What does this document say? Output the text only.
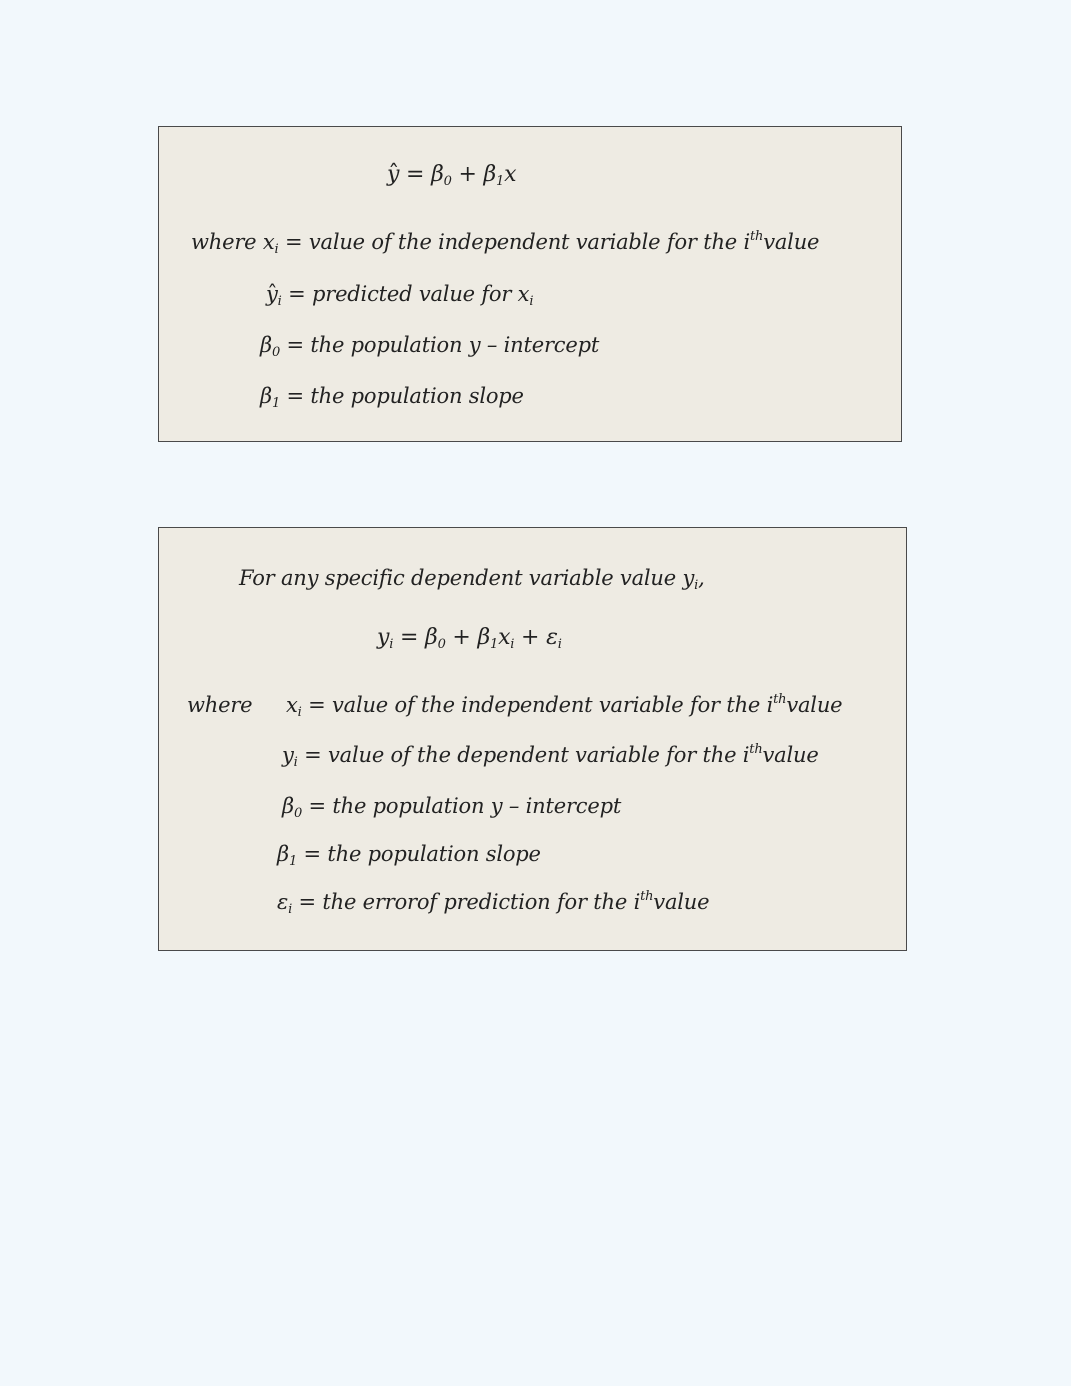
$y = \beta_0 + \beta_1x$
where $x_i$ = value of the independent variable for the $i^{th}value$
$y_i$ = predicted value for $x_i$
$\beta_0$ = the population y – intercept
$\beta_1$ = the population slope
For any specific dependent variable value $y_i$,
$y_i = \beta_0 + \beta_1x_i + \varepsilon_i$
where $x_i$ = value of the independent variable for the $i^{th}value$
$y_i$ = value of the dependent variable for the $i^{th}value$
$\beta_0$ = the population y – intercept
$\beta_1$ = the population slope
$\varepsilon_i$ = the errorof prediction for the $i^{th}value$
